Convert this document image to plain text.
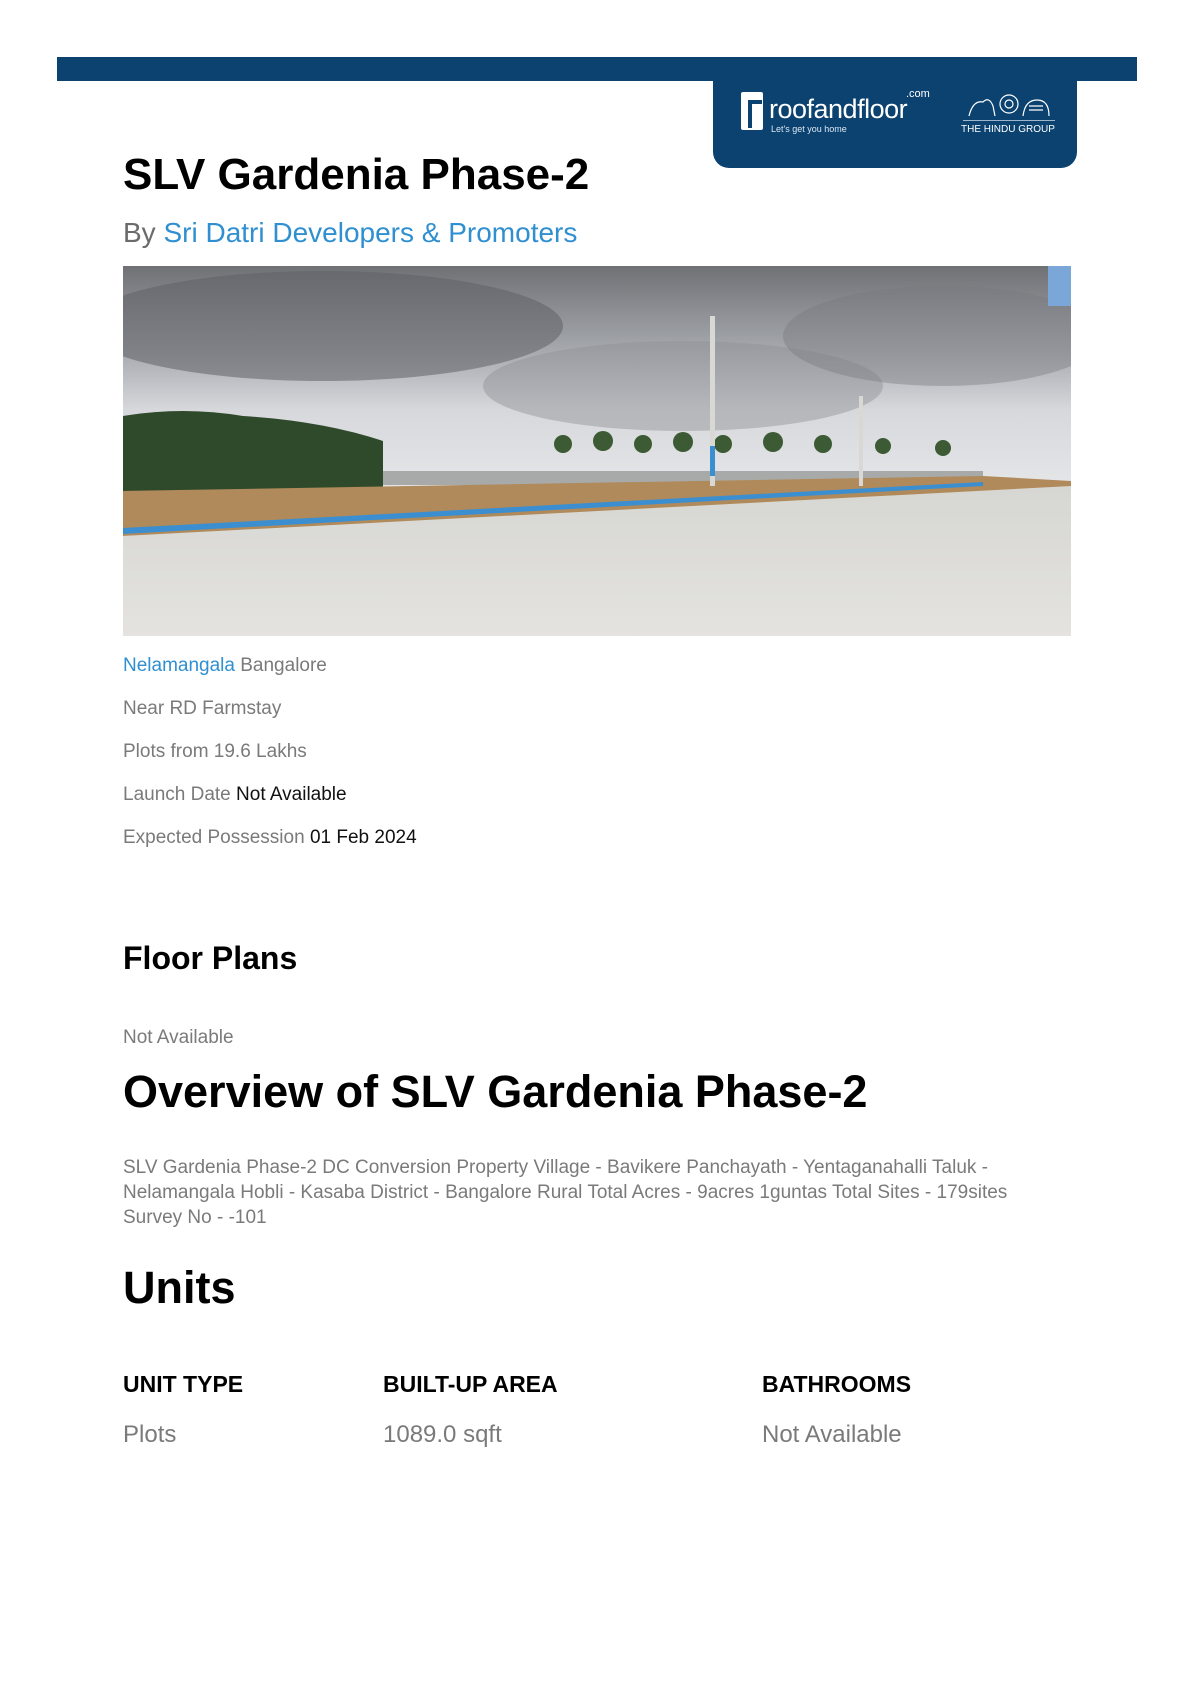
roofandfloor
.com
Let's get you home	THE HINDU GROUP
SLV Gardenia Phase-2
By Sri Datri Developers & Promoters
Nelamangala Bangalore
Near RD Farmstay
Plots from 19.6 Lakhs
Launch Date Not Available
Expected Possession 01 Feb 2024
Floor Plans
Not Available
Overview of SLV Gardenia Phase-2
SLV Gardenia Phase-2 DC Conversion Property Village - Bavikere Panchayath - Yentaganahalli Taluk - Nelamangala Hobli - Kasaba District - Bangalore Rural Total Acres - 9acres 1guntas Total Sites - 179sites Survey No - -101
Units
UNIT TYPE	BUILT-UP AREA	BATHROOMS
Plots	1089.0 sqft	Not Available
